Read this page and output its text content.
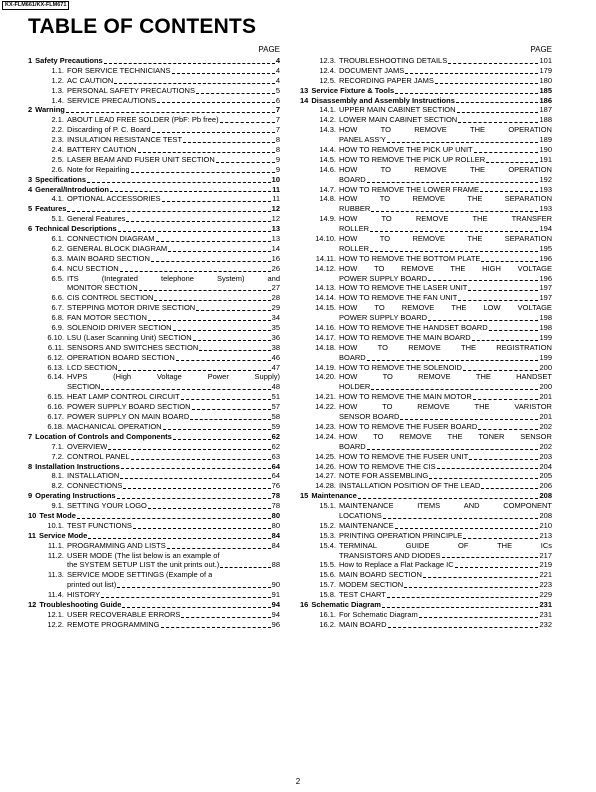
KX-FLM661/KX-FLM671
TABLE OF CONTENTS
PAGE
1 Safety Precautions	4
1.1. FOR SERVICE TECHNICIANS	4
1.2. AC CAUTION	4
1.3. PERSONAL SAFETY PRECAUTIONS	5
1.4. SERVICE PRECAUTIONS	6
2 Warning	7
2.1. ABOUT LEAD FREE SOLDER (PbF: Pb free)	7
2.2. Discarding of P. C. Board	7
2.3. INSULATION RESISTANCE TEST	8
2.4. BATTERY CAUTION	8
2.5. LASER BEAM AND FUSER UNIT SECTION	9
2.6. Note for Repairling	9
3 Specifications	10
4 General/Introduction	11
4.1. OPTIONAL ACCESSORIES	11
5 Features	12
5.1. General Features	12
6 Technical Descriptions	13
6.1. CONNECTION DIAGRAM	13
6.2. GENERAL BLOCK DIAGRAM	14
6.3. MAIN BOARD SECTION	16
6.4. NCU SECTION	26
6.5. ITS	(Integrated	telephone	System)	and
MONITOR SECTION	27
6.6. CIS CONTROL SECTION	28
6.7. STEPPING MOTOR DRIVE SECTION	29
6.8. FAN MOTOR SECTION	34
6.9. SOLENOID DRIVER SECTION	35
6.10. LSU (Laser Scanning Unit) SECTION	36
6.11. SENSORS AND SWITCHES SECTION	38
6.12. OPERATION BOARD SECTION	46
6.13. LCD SECTION	47
6.14. HVPS	(High	Voltage	Power	Supply)
SECTION	48
6.15. HEAT LAMP CONTROL CIRCUIT	51
6.16. POWER SUPPLY BOARD SECTION	57
6.17. POWER SUPPLY ON MAIN BOARD	58
6.18. MACHANICAL OPERATION	59
7 Location of Controls and Components	62
7.1. OVERVIEW	62
7.2. CONTROL PANEL	63
8 Installation Instructions	64
8.1. INSTALLATION	64
8.2. CONNECTIONS	76
9 Operating Instructions	78
9.1. SETTING YOUR LOGO	78
10 Test Mode	80
10.1. TEST FUNCTIONS	80
11 Service Mode	84
11.1. PROGRAMMING AND LISTS	84
11.2. USER MODE (The list below is an example of
the SYSTEM SETUP LIST the unit prints out.)	88
11.3. SERVICE MODE SETTINGS (Example of a
printed out list)	90
11.4. HISTORY	91
12 Troubleshooting Guide	94
12.1. USER RECOVERABLE ERRORS	94
12.2. REMOTE PROGRAMMING	96
PAGE
12.3. TROUBLESHOOTING DETAILS	101
12.4. DOCUMENT JAMS	179
12.5. RECORDING PAPER JAMS	180
13 Service Fixture & Tools	185
14 Disassembly and Assembly Instructions	186
14.1. UPPER MAIN CABINET SECTION	187
14.2. LOWER MAIN CABINET SECTION	188
14.3. HOW	TO	REMOVE	THE	OPERATION
PANEL ASS'Y	189
14.4. HOW TO REMOVE THE PICK UP UNIT	190
14.5. HOW TO REMOVE THE PICK UP ROLLER	191
14.6. HOW	TO	REMOVE	THE	OPERATION
BOARD	192
14.7. HOW TO REMOVE THE LOWER FRAME	193
14.8. HOW	TO	REMOVE	THE	SEPARATION
RUBBER	193
14.9. HOW	TO	REMOVE	THE	TRANSFER
ROLLER	194
14.10. HOW	TO	REMOVE	THE	SEPARATION
ROLLER	195
14.11. HOW TO REMOVE THE BOTTOM PLATE	196
14.12. HOW TO REMOVE THE HIGH VOLTAGE
POWER SUPPLY BOARD	196
14.13. HOW TO REMOVE THE LASER UNIT	197
14.14. HOW TO REMOVE THE FAN UNIT	197
14.15. HOW TO REMOVE THE LOW VOLTAGE
POWER SUPPLY BOARD	198
14.16. HOW TO REMOVE THE HANDSET BOARD	198
14.17. HOW TO REMOVE THE MAIN BOARD	199
14.18. HOW	TO	REMOVE	THE	REGISTRATION
BOARD	199
14.19. HOW TO REMOVE THE SOLENOID	200
14.20. HOW	TO	REMOVE	THE	HANDSET
HOLDER	200
14.21. HOW TO REMOVE THE MAIN MOTOR	201
14.22. HOW	TO	REMOVE	THE	VARISTOR
SENSOR BOARD	201
14.23. HOW TO REMOVE THE FUSER BOARD	202
14.24. HOW TO REMOVE THE TONER SENSOR
BOARD	202
14.25. HOW TO REMOVE THE FUSER UNIT	203
14.26. HOW TO REMOVE THE CIS	204
14.27. NOTE FOR ASSEMBLING	205
14.28. INSTALLATION POSITION OF THE LEAD	206
15 Maintenance	208
15.1. MAINTENANCE	ITEMS	AND	COMPONENT
LOCATIONS	208
15.2. MAINTENANCE	210
15.3. PRINTING OPERATION PRINCIPLE	213
15.4. TERMINAL	GUIDE	OF	THE	ICs
TRANSISTORS AND DIODES	217
15.5. How to Replace a Flat Package IC	219
15.6. MAIN BOARD SECTION	221
15.7. MODEM SECTION	223
15.8. TEST CHART	229
16 Schematic Diagram	231
16.1. For Schematic Diagram	231
16.2. MAIN BOARD	232
2
